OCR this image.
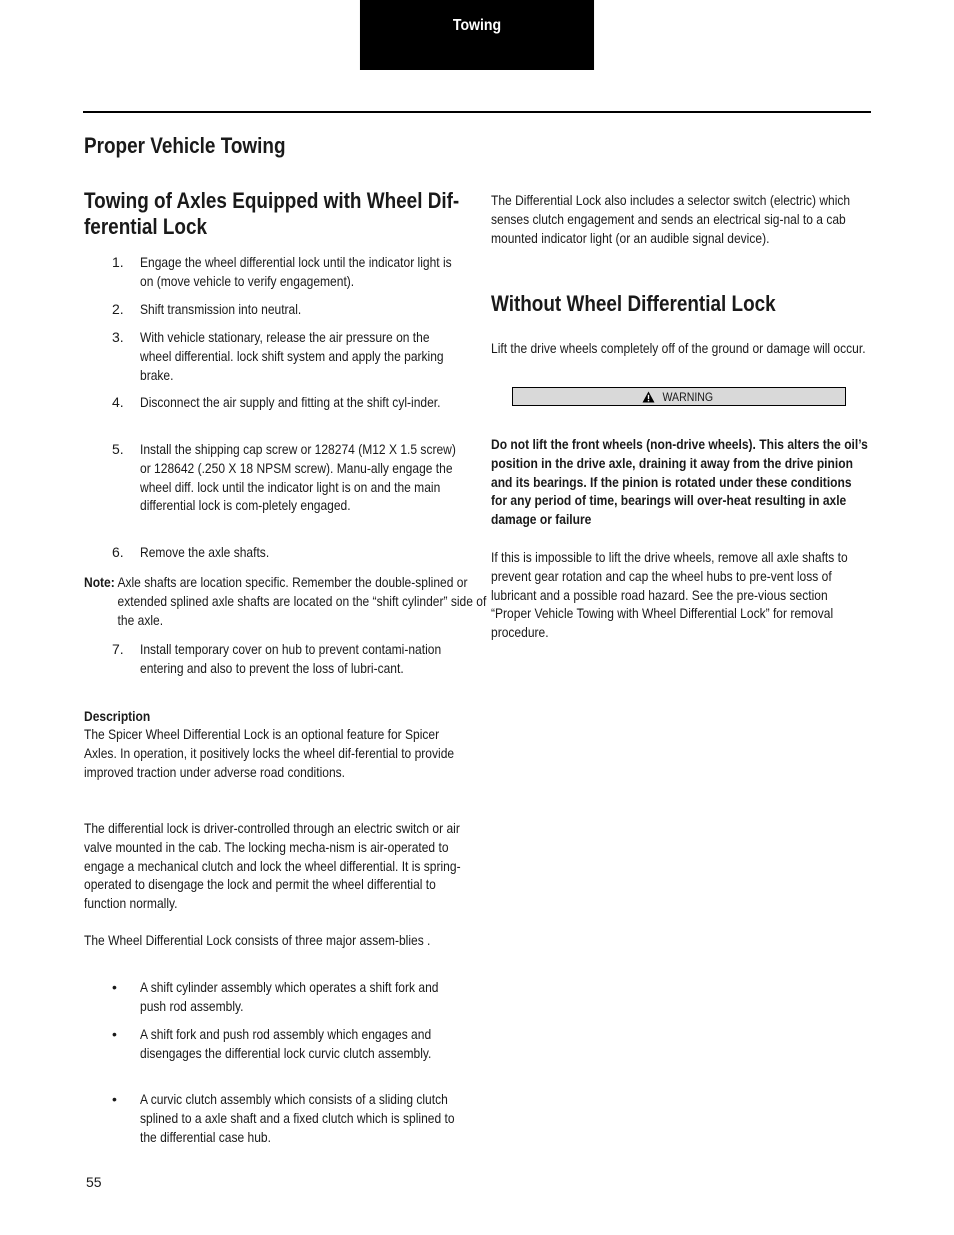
Towing
Proper Vehicle Towing
Towing of Axles Equipped with Wheel Dif-
ferential Lock
1. Engage the wheel differential lock until the indicator light is on (move vehicle to verify engagement).
2. Shift transmission into neutral.
3. With vehicle stationary, release the air pressure on the wheel differential. lock shift system and apply the parking brake.
4. Disconnect the air supply and fitting at the shift cyl-inder.
5. Install the shipping cap screw or 128274 (M12 X 1.5 screw) or 128642 (.250 X 18 NPSM screw). Manu-ally engage the wheel diff. lock until the indicator light is on and the main differential lock is com-pletely engaged.
6. Remove the axle shafts.
Note: Axle shafts are location specific. Remember the double-splined or extended splined axle shafts are located on the “shift cylinder” side of the axle.
7. Install temporary cover on hub to prevent contami-nation entering and also to prevent the loss of lubri-cant.

Description

The Spicer Wheel Differential Lock is an optional feature for Spicer Axles. In operation, it positively locks the wheel dif-ferential to provide improved traction under adverse road conditions.

The differential lock is driver-controlled through an electric switch or air valve mounted in the cab. The locking mecha-nism is air-operated to engage a mechanical clutch and lock the wheel differential. It is spring-operated to disengage the lock and permit the wheel differential to function normally.

The Wheel Differential Lock consists of three major assem-blies .

• A shift cylinder assembly which operates a shift fork and push rod assembly.
• A shift fork and push rod assembly which engages and disengages the differential lock curvic clutch assembly.
• A curvic clutch assembly which consists of a sliding clutch splined to a axle shaft and a fixed clutch which is splined to the differential case hub.

The Differential Lock also includes a selector switch (electric) which senses clutch engagement and sends an electrical sig-nal to a cab mounted indicator light (or an audible signal device).

Without Wheel Differential Lock

Lift the drive wheels completely off of the ground or damage will occur.

WARNING

Do not lift the front wheels (non-drive wheels). This alters the oil’s position in the drive axle, draining it away from the drive pinion and its bearings. If the pinion is rotated under these conditions for any period of time, bearings will over-heat resulting in axle damage or failure

If this is impossible to lift the drive wheels, remove all axle shafts to prevent gear rotation and cap the wheel hubs to pre-vent loss of lubricant and a possible road hazard. See the pre-vious section “Proper Vehicle Towing with Wheel Differential Lock” for removal procedure.

55
